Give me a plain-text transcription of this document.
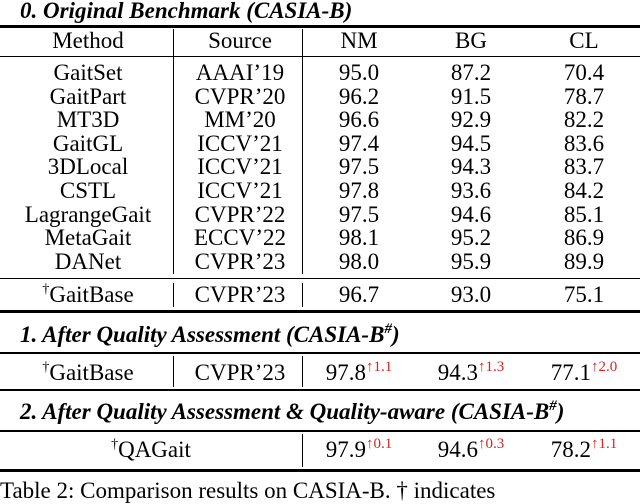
0. Original Benchmark (CASIA-B)
Method	Source	NM	BG	CL
GaitSet	AAAI’19	95.0	87.2	70.4
GaitPart	CVPR’20	96.2	91.5	78.7
MT3D	MM’20	96.6	92.9	82.2
GaitGL	ICCV’21	97.4	94.5	83.6
3DLocal	ICCV’21	97.5	94.3	83.7
CSTL	ICCV’21	97.8	93.6	84.2
LagrangeGait	CVPR’22	97.5	94.6	85.1
MetaGait	ECCV’22	98.1	95.2	86.9
DANet	CVPR’23	98.0	95.9	89.9
†GaitBase	CVPR’23	96.7	93.0	75.1
1. After Quality Assessment (CASIA-B#)
†GaitBase	CVPR’23	$97.8^{↑1.1}$	$94.3^{↑1.3}$	$77.1^{↑2.0}$
2. After Quality Assessment & Quality-aware (CASIA-B#)
†QAGait	$97.9^{↑0.1}$	$94.6^{↑0.3}$	$78.2^{↑1.1}$
Table 2: Comparison results on CASIA-B. † indicates
